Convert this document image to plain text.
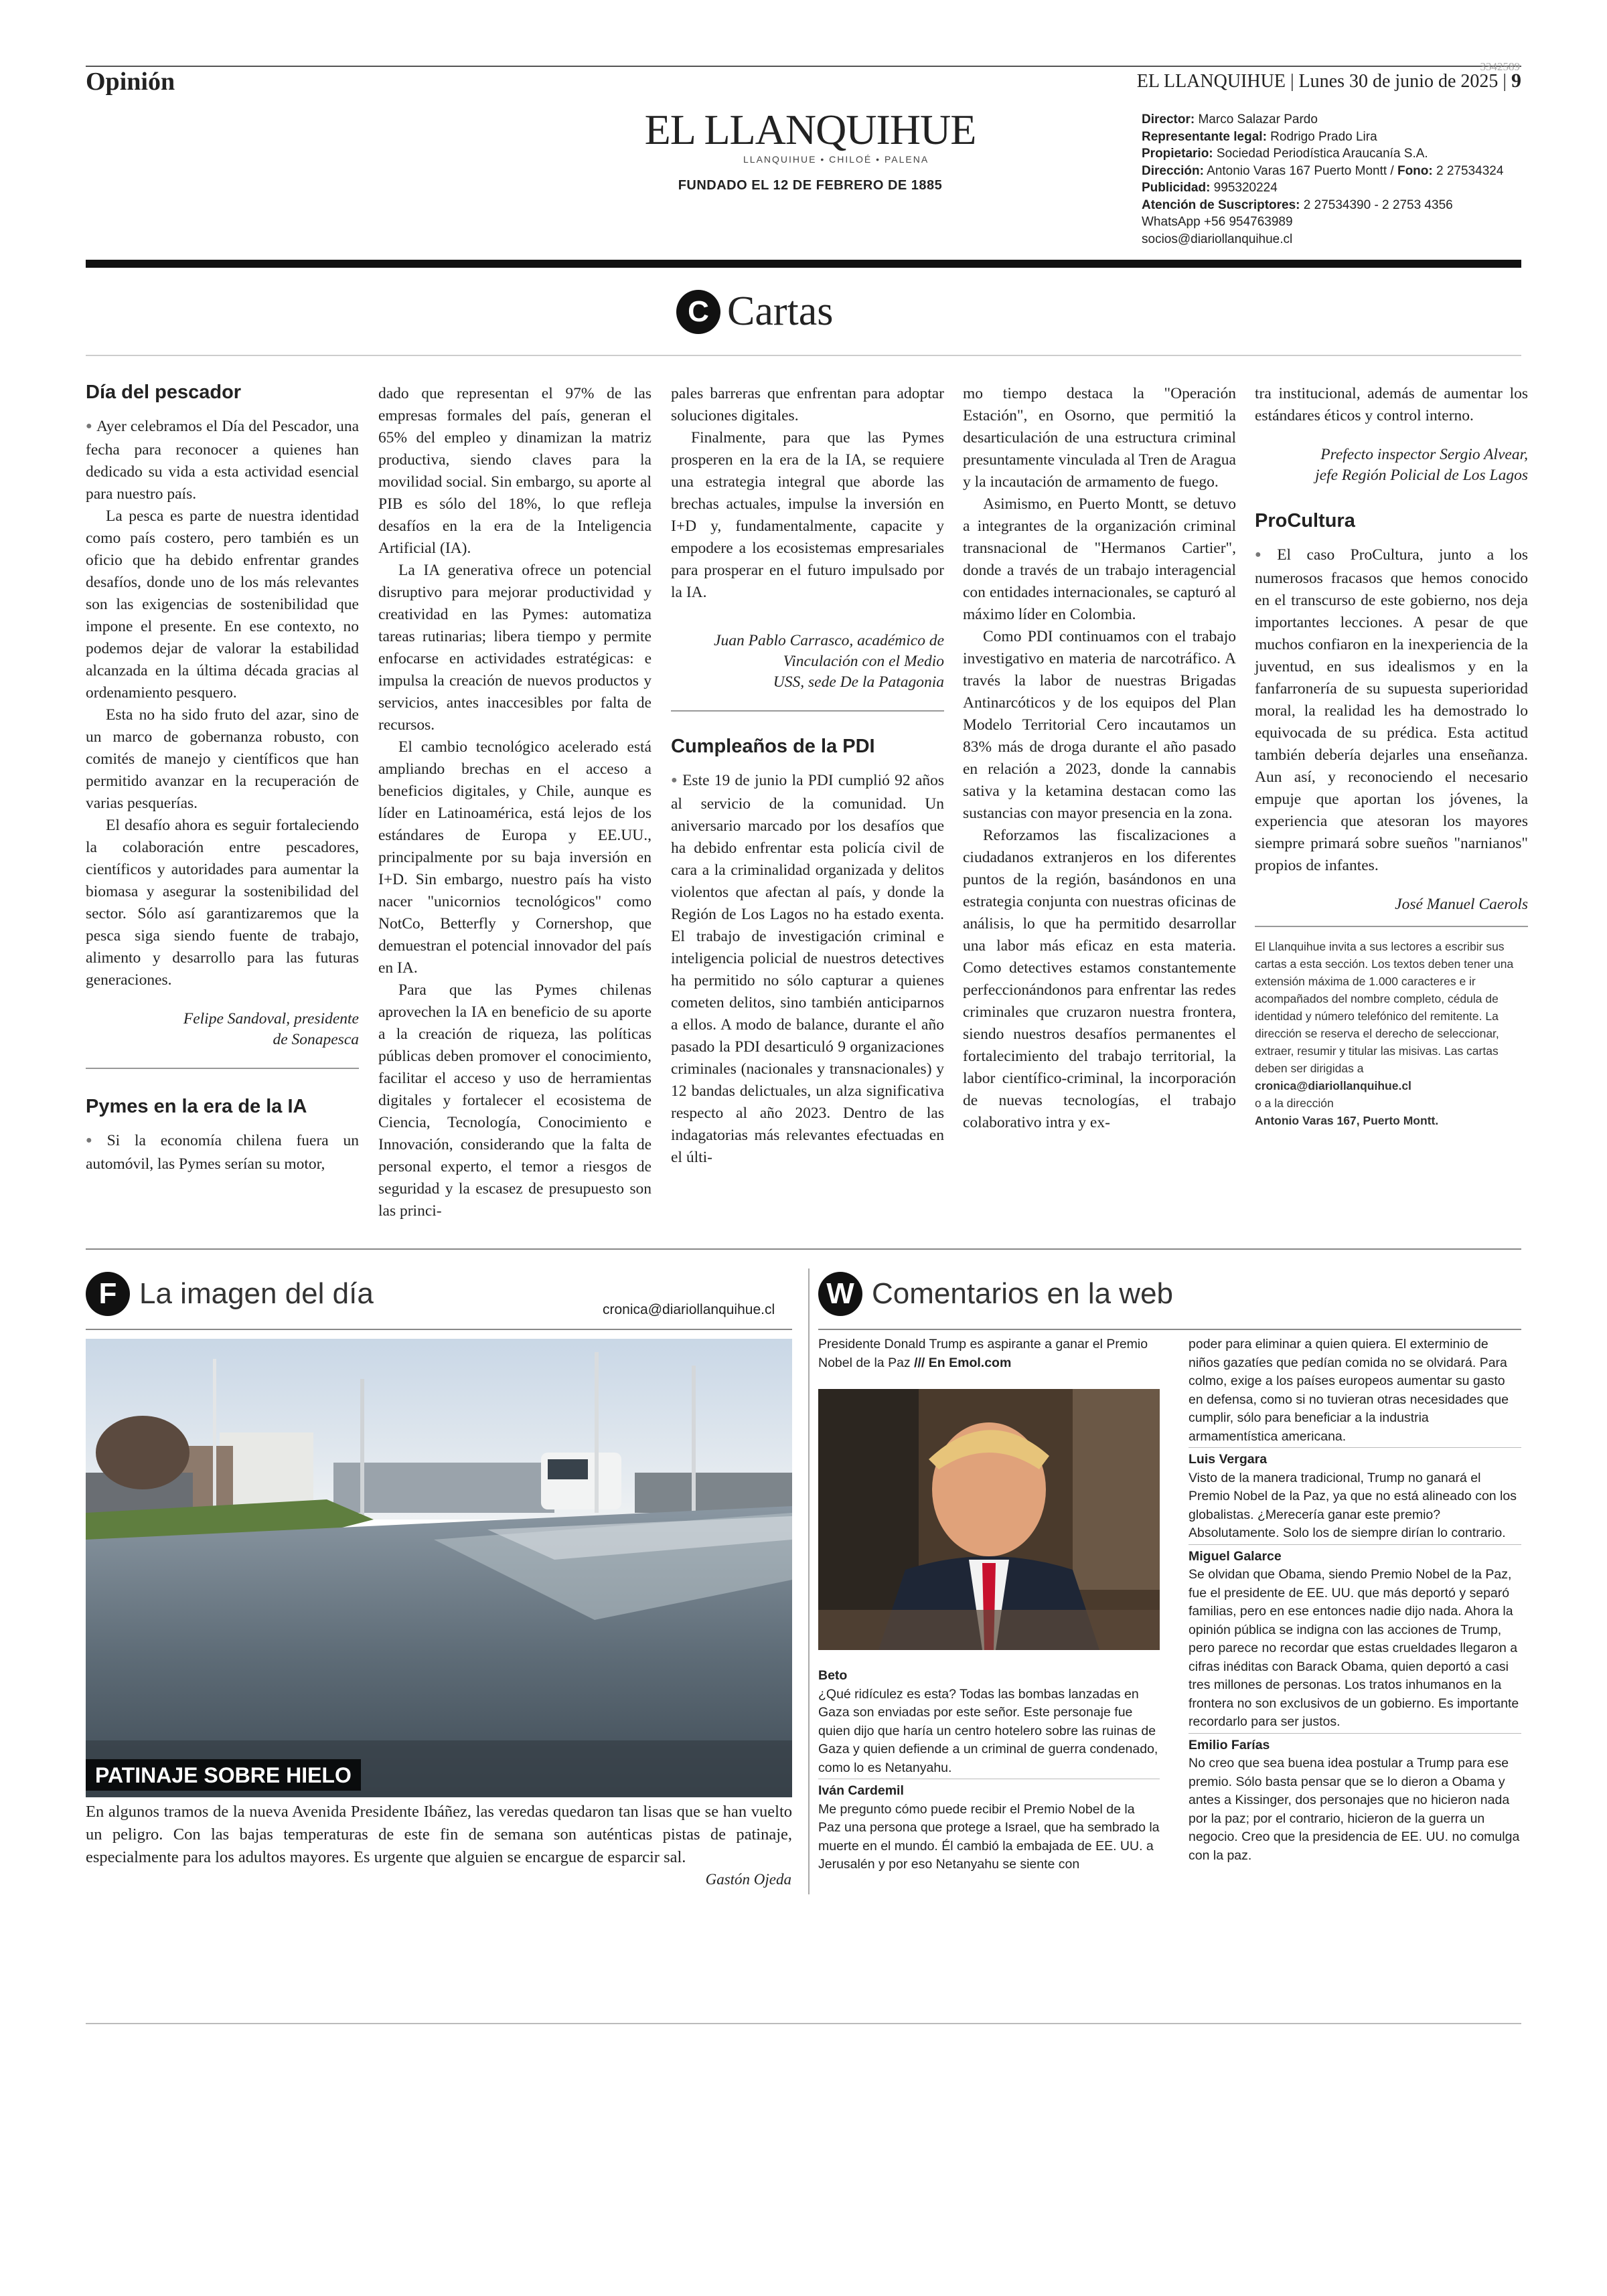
Opinión
3342589
EL LLANQUIHUE | Lunes 30 de junio de 2025 | 9
EL LLANQUIHUE
LLANQUIHUE • CHILOÉ • PALENA
FUNDADO EL 12 DE FEBRERO DE 1885
Director: Marco Salazar Pardo
Representante legal: Rodrigo Prado Lira
Propietario: Sociedad Periodística Araucanía S.A.
Dirección: Antonio Varas 167 Puerto Montt / Fono: 2 27534324
Publicidad: 995320224
Atención de Suscriptores: 2 27534390 - 2 2753 4356
WhatsApp +56 954763989
socios@diariollanquihue.cl
C Cartas
Día del pescador

● Ayer celebramos el Día del Pescador, una fecha para reconocer a quienes han dedicado su vida a esta actividad esencial para nuestro país.

La pesca es parte de nuestra identidad como país costero, pero también es un oficio que ha debido enfrentar grandes desafíos, donde uno de los más relevantes son las exigencias de sostenibilidad que impone el presente. En ese contexto, no podemos dejar de valorar la estabilidad alcanzada en la última década gracias al ordenamiento pesquero.

Esta no ha sido fruto del azar, sino de un marco de gobernanza robusto, con comités de manejo y científicos que han permitido avanzar en la recuperación de varias pesquerías.

El desafío ahora es seguir fortaleciendo la colaboración entre pescadores, científicos y autoridades para aumentar la biomasa y asegurar la sostenibilidad del sector. Sólo así garantizaremos que la pesca siga siendo fuente de trabajo, alimento y desarrollo para las futuras generaciones.

Felipe Sandoval, presidente
de Sonapesca
Pymes en la era de la IA

● Si la economía chilena fuera un automóvil, las Pymes serían su motor,

dado que representan el 97% de las empresas formales del país, generan el 65% del empleo y dinamizan la matriz productiva, siendo claves para la movilidad social. Sin embargo, su aporte al PIB es sólo del 18%, lo que refleja desafíos en la era de la Inteligencia Artificial (IA).

La IA generativa ofrece un potencial disruptivo para mejorar productividad y creatividad en las Pymes: automatiza tareas rutinarias; libera tiempo y permite enfocarse en actividades estratégicas: e impulsa la creación de nuevos productos y servicios, antes inaccesibles por falta de recursos.

El cambio tecnológico acelerado está ampliando brechas en el acceso a beneficios digitales, y Chile, aunque es líder en Latinoamérica, está lejos de los estándares de Europa y EE.UU., principalmente por su baja inversión en I+D. Sin embargo, nuestro país ha visto nacer "unicornios tecnológicos" como NotCo, Betterfly y Cornershop, que demuestran el potencial innovador del país en IA.

Para que las Pymes chilenas aprovechen la IA en beneficio de su aporte a la creación de riqueza, las políticas públicas deben promover el conocimiento, facilitar el acceso y uso de herramientas digitales y fortalecer el ecosistema de Ciencia, Tecnología, Conocimiento e Innovación, considerando que la falta de personal experto, el temor a riesgos de seguridad y la escasez de presupuesto son las princi-

pales barreras que enfrentan para adoptar soluciones digitales.

Finalmente, para que las Pymes prosperen en la era de la IA, se requiere una estrategia integral que aborde las brechas actuales, impulse la inversión en I+D y, fundamentalmente, capacite y empodere a los ecosistemas empresariales para prosperar en el futuro impulsado por la IA.

Juan Pablo Carrasco, académico de
Vinculación con el Medio
USS, sede De la Patagonia
Cumpleaños de la PDI

● Este 19 de junio la PDI cumplió 92 años al servicio de la comunidad. Un aniversario marcado por los desafíos que ha debido enfrentar esta policía civil de cara a la criminalidad organizada y delitos violentos que afectan al país, y donde la Región de Los Lagos no ha estado exenta. El trabajo de investigación criminal e inteligencia policial de nuestros detectives ha permitido no sólo capturar a quienes cometen delitos, sino también anticiparnos a ellos. A modo de balance, durante el año pasado la PDI desarticuló 9 organizaciones criminales (nacionales y transnacionales) y 12 bandas delictuales, un alza significativa respecto al año 2023. Dentro de las indagatorias más relevantes efectuadas en el últi-

mo tiempo destaca la "Operación Estación", en Osorno, que permitió la desarticulación de una estructura criminal presuntamente vinculada al Tren de Aragua y la incautación de armamento de fuego.

Asimismo, en Puerto Montt, se detuvo a integrantes de la organización criminal transnacional de "Hermanos Cartier", donde a través de un trabajo interagencial con entidades internacionales, se capturó al máximo líder en Colombia.

Como PDI continuamos con el trabajo investigativo en materia de narcotráfico. A través la labor de nuestras Brigadas Antinarcóticos y de los equipos del Plan Modelo Territorial Cero incautamos un 83% más de droga durante el año pasado en relación a 2023, donde la cannabis sativa y la ketamina destacan como las sustancias con mayor presencia en la zona.

Reforzamos las fiscalizaciones a ciudadanos extranjeros en los diferentes puntos de la región, basándonos en una estrategia conjunta con nuestras oficinas de análisis, lo que ha permitido desarrollar una labor más eficaz en esta materia. Como detectives estamos constantemente perfeccionándonos para enfrentar las redes criminales que cruzaron nuestra frontera, siendo nuestros desafíos permanentes el fortalecimiento del trabajo territorial, la labor científico-criminal, la incorporación de nuevas tecnologías, el trabajo colaborativo intra y ex-

tra institucional, además de aumentar los estándares éticos y control interno.

Prefecto inspector Sergio Alvear,
jefe Región Policial de Los Lagos
ProCultura

● El caso ProCultura, junto a los numerosos fracasos que hemos conocido en el transcurso de este gobierno, nos deja importantes lecciones. A pesar de que muchos confiaron en la inexperiencia de la juventud, en sus idealismos y en la fanfarronería de su supuesta superioridad moral, la realidad les ha demostrado lo equivocada de su prédica. Esta actitud también debería dejarles una enseñanza. Aun así, y reconociendo el necesario empuje que aportan los jóvenes, la experiencia que atesoran los mayores siempre primará sobre sueños "narnianos" propios de infantes.

José Manuel Caerols
El Llanquihue invita a sus lectores a escribir sus cartas a esta sección. Los textos deben tener una extensión máxima de 1.000 caracteres e ir acompañados del nombre completo, cédula de identidad y número telefónico del remitente. La dirección se reserva el derecho de seleccionar, extraer, resumir y titular las misivas. Las cartas deben ser dirigidas a
cronica@diariollanquihue.cl
o a la dirección
Antonio Varas 167, Puerto Montt.
F La imagen del día	cronica@diariollanquihue.cl
PATINAJE SOBRE HIELO
En algunos tramos de la nueva Avenida Presidente Ibáñez, las veredas quedaron tan lisas que se han vuelto un peligro. Con las bajas temperaturas de este fin de semana son auténticas pistas de patinaje, especialmente para los adultos mayores. Es urgente que alguien se encargue de esparcir sal.
Gastón Ojeda
W Comentarios en la web
Presidente Donald Trump es aspirante a ganar el Premio Nobel de la Paz /// En Emol.com
Beto
¿Qué ridículez es esta? Todas las bombas lanzadas en Gaza son enviadas por este señor. Este personaje fue quien dijo que haría un centro hotelero sobre las ruinas de Gaza y quien defiende a un criminal de guerra condenado, como lo es Netanyahu.
Iván Cardemil
Me pregunto cómo puede recibir el Premio Nobel de la Paz una persona que protege a Israel, que ha sembrado la muerte en el mundo. Él cambió la embajada de EE. UU. a Jerusalén y por eso Netanyahu se siente con
poder para eliminar a quien quiera. El exterminio de niños gazatíes que pedían comida no se olvidará. Para colmo, exige a los países europeos aumentar su gasto en defensa, como si no tuvieran otras necesidades que cumplir, sólo para beneficiar a la industria armamentística americana.
Luis Vergara
Visto de la manera tradicional, Trump no ganará el Premio Nobel de la Paz, ya que no está alineado con los globalistas. ¿Merecería ganar este premio? Absolutamente. Solo los de siempre dirían lo contrario.
Miguel Galarce
Se olvidan que Obama, siendo Premio Nobel de la Paz, fue el presidente de EE. UU. que más deportó y separó familias, pero en ese entonces nadie dijo nada. Ahora la opinión pública se indigna con las acciones de Trump, pero parece no recordar que estas crueldades llegaron a cifras inéditas con Barack Obama, quien deportó a casi tres millones de personas. Los tratos inhumanos en la frontera no son exclusivos de un gobierno. Es importante recordarlo para ser justos.
Emilio Farías
No creo que sea buena idea postular a Trump para ese premio. Sólo basta pensar que se lo dieron a Obama y antes a Kissinger, dos personajes que no hicieron nada por la paz; por el contrario, hicieron de la guerra un negocio. Creo que la presidencia de EE. UU. no comulga con la paz.
